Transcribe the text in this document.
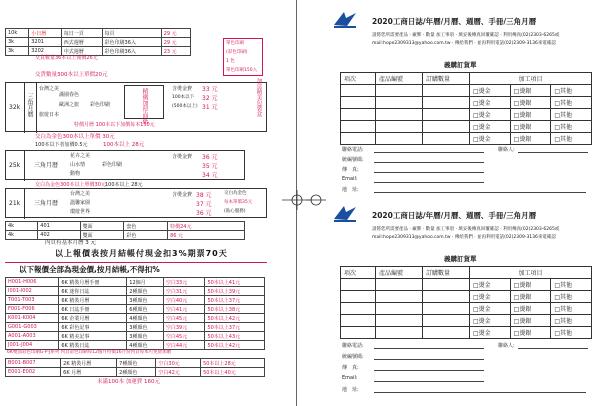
10k	小日曆	每日一頁	每頁	29 元
3k	3201	西式週曆	彩色印刷36入	29 元
3k	3202	中式週曆	彩色印刷36入	23 元
單色印刷
(彩色印刷)
1 色
單色印刷150入
交貨數量36本以上報價26元
交貨數量300本以上單價20元
32k 三角月曆
台灣之美
滿園春色
歐洲之旅
旅遊日本
彩色印刷	精緻加厚面紙	含燙金費 33 元
100本以下 32 元
(500本以上) 31 元
特價月曆 100本以下加價每本150元
加送精美包裝盒
交白為金色300本以上單價 30元
100本以上 28元
100本以下者加價0.5元
25k 三角月曆
花卉之美
山水情
動物
彩色印刷
含燙金費 36 元
35 元
34 元
交白為金色300本以上單價30元 100本以上 28元
21k 三角月曆
台灣之美
溫馨家園
環遊世界
含燙金費 38 元
37 元
36 元
交白為金色
每本單價35元
(貼心服務)
4k	401	雙面	套色	特價24元
4k	402	雙面	彩色	86 元
內頁有基本月曆 3 元
以上報價表按月結帳付現金扣3%期票70天
以下報價全部為現金價,按月結帳,不得扣%
H001-H006	6K 精裝月曆手冊	12個月	空白33元	50本以上41元
I001-I002	6K 迷你日誌	2種顏色	空白31元	50本以上39元
T001-T003	6K 精裝月曆	3種顏色	空白40元	50本以上37元
F001-F006	6K 日誌手冊	6種顏色	空白41元	50本以上38元
K001-K004	6K 企業月曆	4種顏色	空白45元	50本以上42元
G001-G003	6K 彩色記事	3種顏色	空白39元	50本以上37元
A001-A003	6K 精美記事	3種顏色	空白45元	50本以上43元
J001-J004	6K 精裝日誌	4種顏色	空白44元	50本以上42元
6K雙面彩色印刷G·P·J系列 內頁彩色印刷每12個月特價16月份內頁每本可免費加贈
B001-B007	2K 精裝月曆	7種顏色	空白30元	50本以上28元
E001-E002	6K 月曆	2種顏色	空白42元	50本以上40元
未滿100本 加運費 160元
2020工商日誌/年曆/月曆、週曆、手冊/三角月曆
請將您所需要產品 · 廠牌 · 數量 加工事項 · 填妥後傳真回覆確認 · 利用傳真(02)2303-6265或
mail:hope2309313@yahoo.com.tw · 傳給我們 · 並再利用電話(02)2309-3136來電確認
義購訂貨單
項次	產品編號	訂購數量	加工項目		
			□燙金	□燙銀	□其他
			□燙金	□燙銀	□其他
			□燙金	□燙銀	□其他
			□燙金	□燙銀	□其他
			□燙金	□燙銀	□其他
聯絡電話:	聯絡人:
統編號碼:
傳　真:
Email:
地　址:
2020工商日誌/年曆/月曆、週曆、手冊/三角月曆
請將您所需要產品 · 廠牌 · 數量 加工事項 · 填妥後傳真回覆確認 · 利用傳真(02)2303-6265或
mail:hope2309313@yahoo.com.tw · 傳給我們 · 並再利用電話(02)2309-3136來電確認
義購訂貨單
項次	產品編號	訂購數量	加工項目		
			□燙金	□燙銀	□其他
			□燙金	□燙銀	□其他
			□燙金	□燙銀	□其他
			□燙金	□燙銀	□其他
			□燙金	□燙銀	□其他
聯絡電話:	聯絡人:
統編號碼:
傳　真:
Email:
地　址:
